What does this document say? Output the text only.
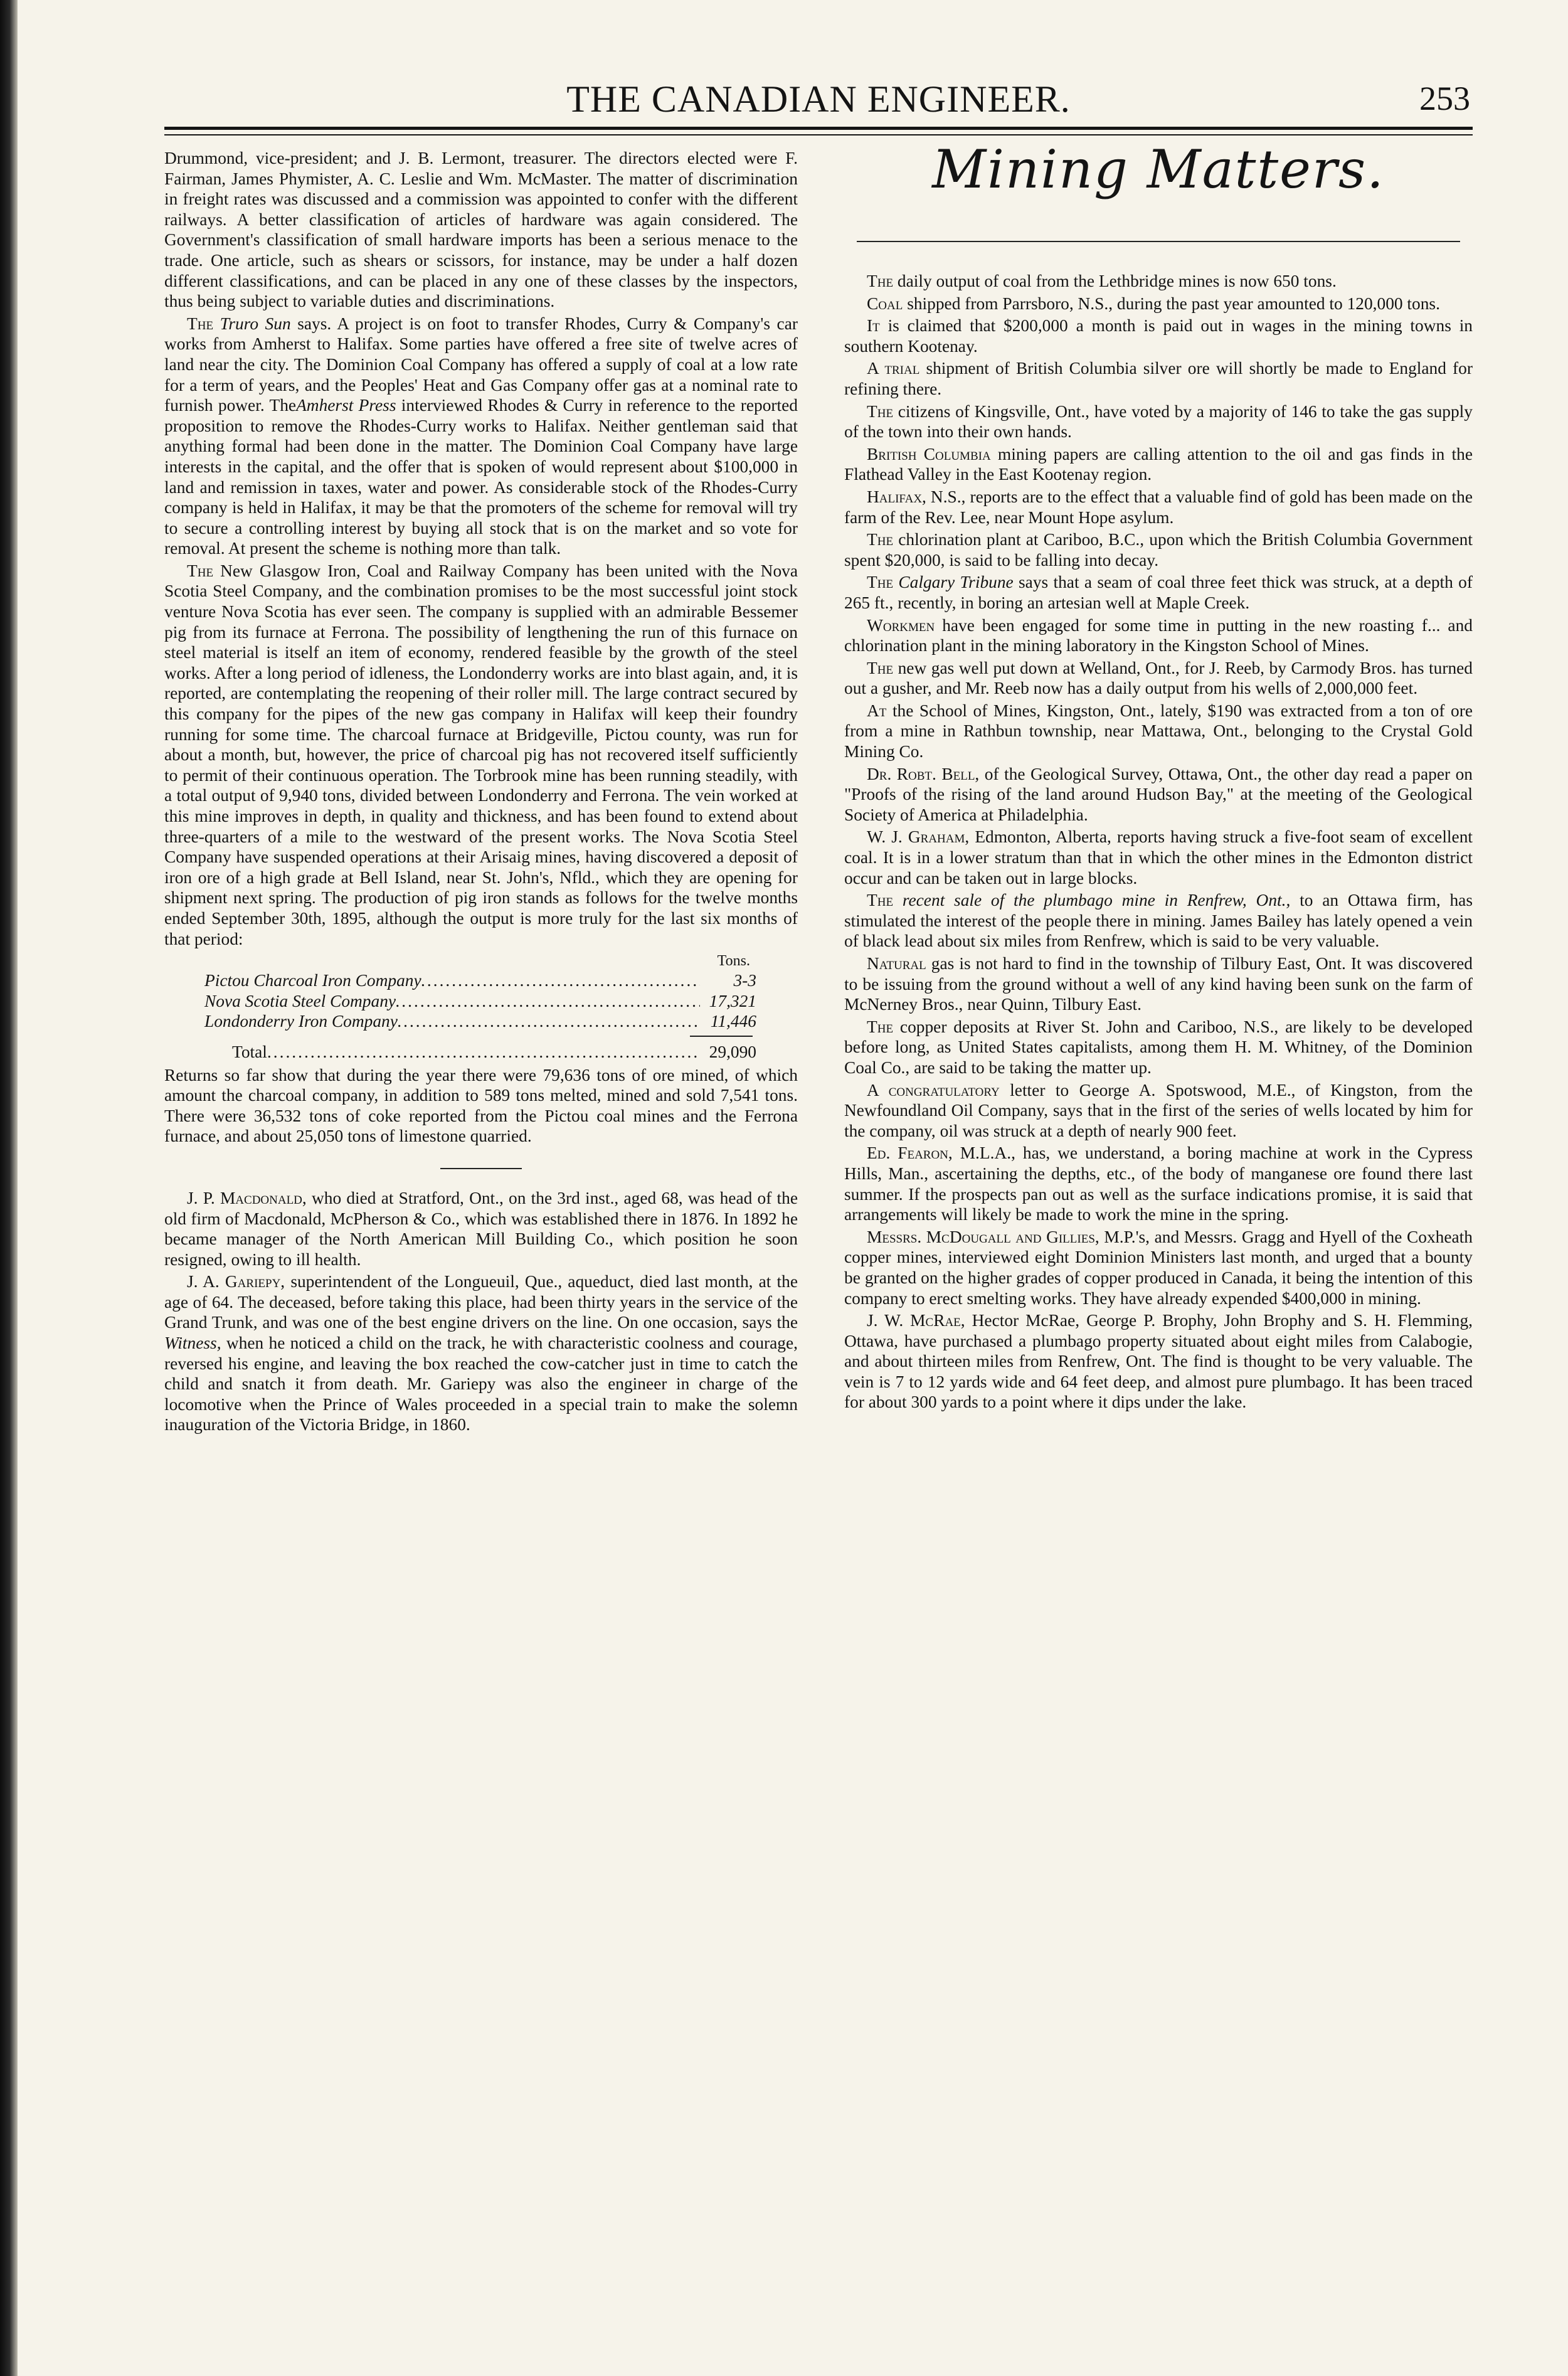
THE CANADIAN ENGINEER.	253

Drummond, vice-president; and J. B. Lermont, treasurer. The directors elected were F. Fairman, James Phymister, A. C. Leslie and Wm. McMaster. The matter of discrimination in freight rates was discussed and a commission was appointed to confer with the different railways. A better classification of articles of hardware was again considered. The Government's classification of small hardware imports has been a serious menace to the trade. One article, such as shears or scissors, for instance, may be under a half dozen different classifications, and can be placed in any one of these classes by the inspectors, thus being subject to variable duties and discriminations.

The Truro Sun says. A project is on foot to transfer Rhodes, Curry & Company's car works from Amherst to Halifax. Some parties have offered a free site of twelve acres of land near the city. The Dominion Coal Company has offered a supply of coal at a low rate for a term of years, and the Peoples' Heat and Gas Company offer gas at a nominal rate to furnish power. TheAmherst Press interviewed Rhodes & Curry in reference to the reported proposition to remove the Rhodes-Curry works to Halifax. Neither gentleman said that anything formal had been done in the matter. The Dominion Coal Company have large interests in the capital, and the offer that is spoken of would represent about $100,000 in land and remission in taxes, water and power. As considerable stock of the Rhodes-Curry company is held in Halifax, it may be that the promoters of the scheme for removal will try to secure a controlling interest by buying all stock that is on the market and so vote for removal. At present the scheme is nothing more than talk.

The New Glasgow Iron, Coal and Railway Company has been united with the Nova Scotia Steel Company, and the combination promises to be the most successful joint stock venture Nova Scotia has ever seen. The company is supplied with an admirable Bessemer pig from its furnace at Ferrona. The possibility of lengthening the run of this furnace on steel material is itself an item of economy, rendered feasible by the growth of the steel works. After a long period of idleness, the Londonderry works are into blast again, and, it is reported, are contemplating the reopening of their roller mill. The large contract secured by this company for the pipes of the new gas company in Halifax will keep their foundry running for some time. The charcoal furnace at Bridgeville, Pictou county, was run for about a month, but, however, the price of charcoal pig has not recovered itself sufficiently to permit of their continuous operation. The Torbrook mine has been running steadily, with a total output of 9,940 tons, divided between Londonderry and Ferrona. The vein worked at this mine improves in depth, in quality and thickness, and has been found to extend about three-quarters of a mile to the westward of the present works. The Nova Scotia Steel Company have suspended operations at their Arisaig mines, having discovered a deposit of iron ore of a high grade at Bell Island, near St. John's, Nfld., which they are opening for shipment next spring. The production of pig iron stands as follows for the twelve months ended September 30th, 1895, although the output is more truly for the last six months of that period:

Tons.
Pictou Charcoal Iron Company .....	3-3
Nova Scotia Steel Company .....	17,321
Londonderry Iron Company .....	11,446
Total .....	29,090

Returns so far show that during the year there were 79,636 tons of ore mined, of which amount the charcoal company, in addition to 589 tons melted, mined and sold 7,541 tons. There were 36,532 tons of coke reported from the Pictou coal mines and the Ferrona furnace, and about 25,050 tons of limestone quarried.

J. P. Macdonald, who died at Stratford, Ont., on the 3rd inst., aged 68, was head of the old firm of Macdonald, McPherson & Co., which was established there in 1876. In 1892 he became manager of the North American Mill Building Co., which position he soon resigned, owing to ill health.

J. A. Gariepy, superintendent of the Longueuil, Que., aqueduct, died last month, at the age of 64. The deceased, before taking this place, had been thirty years in the service of the Grand Trunk, and was one of the best engine drivers on the line. On one occasion, says the Witness, when he noticed a child on the track, he with characteristic coolness and courage, reversed his engine, and leaving the box reached the cow-catcher just in time to catch the child and snatch it from death. Mr. Gariepy was also the engineer in charge of the locomotive when the Prince of Wales proceeded in a special train to make the solemn inauguration of the Victoria Bridge, in 1860.

Mining Matters.

The daily output of coal from the Lethbridge mines is now 650 tons.

Coal shipped from Parrsboro, N.S., during the past year amounted to 120,000 tons.

It is claimed that $200,000 a month is paid out in wages in the mining towns in southern Kootenay.

A trial shipment of British Columbia silver ore will shortly be made to England for refining there.

The citizens of Kingsville, Ont., have voted by a majority of 146 to take the gas supply of the town into their own hands.

British Columbia mining papers are calling attention to the oil and gas finds in the Flathead Valley in the East Kootenay region.

Halifax, N.S., reports are to the effect that a valuable find of gold has been made on the farm of the Rev. Lee, near Mount Hope asylum.

The chlorination plant at Cariboo, B.C., upon which the British Columbia Government spent $20,000, is said to be falling into decay.

The Calgary Tribune says that a seam of coal three feet thick was struck, at a depth of 265 ft., recently, in boring an artesian well at Maple Creek.

Workmen have been engaged for some time in putting in the new roasting f... and chlorination plant in the mining laboratory in the Kingston School of Mines.

The new gas well put down at Welland, Ont., for J. Reeb, by Carmody Bros. has turned out a gusher, and Mr. Reeb now has a daily output from his wells of 2,000,000 feet.

At the School of Mines, Kingston, Ont., lately, $190 was extracted from a ton of ore from a mine in Rathbun township, near Mattawa, Ont., belonging to the Crystal Gold Mining Co.

Dr. Robt. Bell, of the Geological Survey, Ottawa, Ont., the other day read a paper on "Proofs of the rising of the land around Hudson Bay," at the meeting of the Geological Society of America at Philadelphia.

W. J. Graham, Edmonton, Alberta, reports having struck a five-foot seam of excellent coal. It is in a lower stratum than that in which the other mines in the Edmonton district occur and can be taken out in large blocks.

The recent sale of the plumbago mine in Renfrew, Ont., to an Ottawa firm, has stimulated the interest of the people there in mining. James Bailey has lately opened a vein of black lead about six miles from Renfrew, which is said to be very valuable.

Natural gas is not hard to find in the township of Tilbury East, Ont. It was discovered to be issuing from the ground without a well of any kind having been sunk on the farm of McNerney Bros., near Quinn, Tilbury East.

The copper deposits at River St. John and Cariboo, N.S., are likely to be developed before long, as United States capitalists, among them H. M. Whitney, of the Dominion Coal Co., are said to be taking the matter up.

A congratulatory letter to George A. Spotswood, M.E., of Kingston, from the Newfoundland Oil Company, says that in the first of the series of wells located by him for the company, oil was struck at a depth of nearly 900 feet.

Ed. Fearon, M.L.A., has, we understand, a boring machine at work in the Cypress Hills, Man., ascertaining the depths, etc., of the body of manganese ore found there last summer. If the prospects pan out as well as the surface indications promise, it is said that arrangements will likely be made to work the mine in the spring.

Messrs. McDougall and Gillies, M.P.'s, and Messrs. Gragg and Hyell of the Coxheath copper mines, interviewed eight Dominion Ministers last month, and urged that a bounty be granted on the higher grades of copper produced in Canada, it being the intention of this company to erect smelting works. They have already expended $400,000 in mining.

J. W. McRae, Hector McRae, George P. Brophy, John Brophy and S. H. Flemming, Ottawa, have purchased a plumbago property situated about eight miles from Calabogie, and about thirteen miles from Renfrew, Ont. The find is thought to be very valuable. The vein is 7 to 12 yards wide and 64 feet deep, and almost pure plumbago. It has been traced for about 300 yards to a point where it dips under the lake.
